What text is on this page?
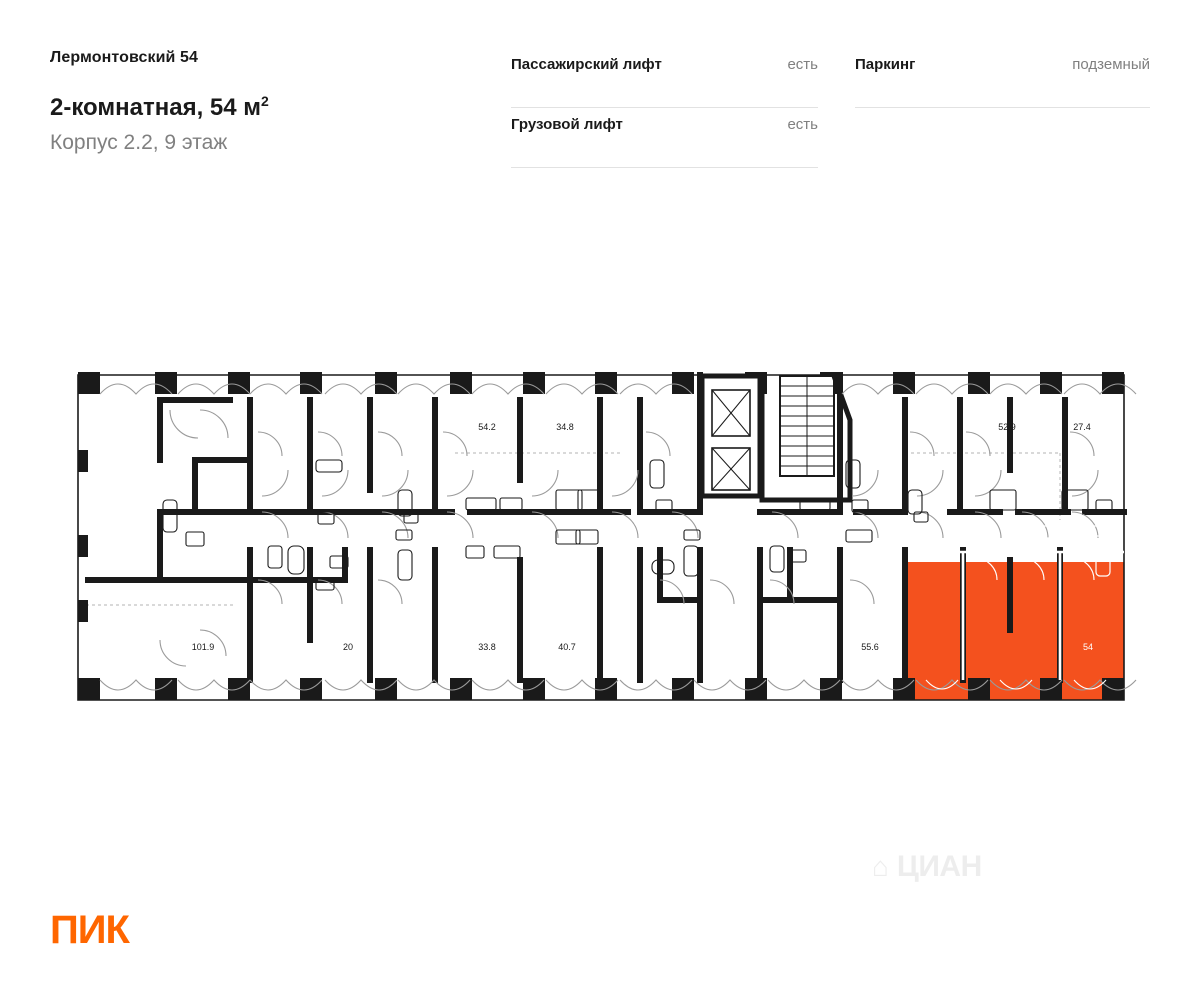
Лермонтовский 54
2-комнатная, 54 $м^2$
Корпус 2.2, 9 этаж
Пассажирский лифт	есть
Грузовой лифт	есть
Паркинг	подземный
54.2	34.8	52.9	27.4
101.9	20	33.8	40.7	55.6	54
⌂ ЦИАН
ПИК
